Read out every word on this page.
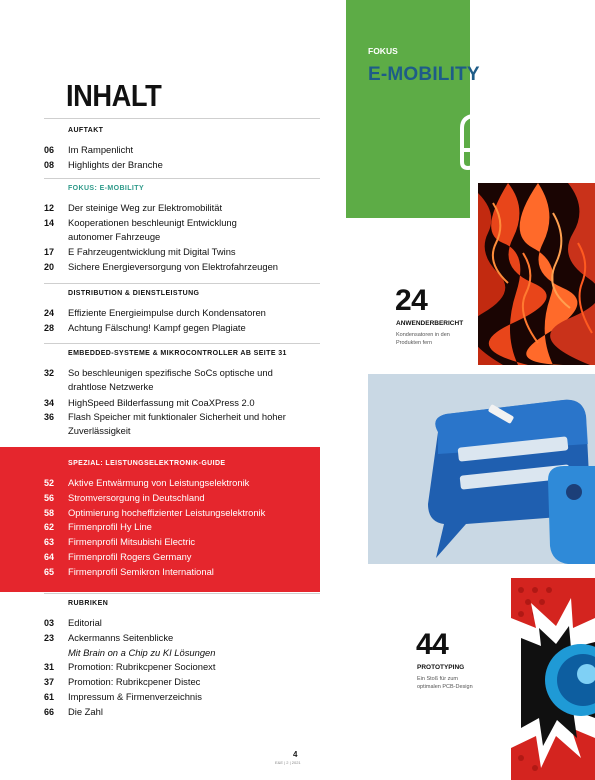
INHALT
AUFTAKT
06 Im Rampenlicht
08 Highlights der Branche
FOKUS: E-MOBILITY
12 Der steinige Weg zur Elektromobilität
14 Kooperationen beschleunigt Entwicklung
autonomer Fahrzeuge
17 E Fahrzeugentwicklung mit Digital Twins
20 Sichere Energieversorgung von Elektrofahrzeugen
DISTRIBUTION & DIENSTLEISTUNG
24 Effiziente Energieimpulse durch Kondensatoren
28 Achtung Fälschung! Kampf gegen Plagiate
EMBEDDED-SYSTEME & MIKROCONTROLLER AB SEITE 31
32 So beschleunigen spezifische SoCs optische und
drahtlose Netzwerke
34 HighSpeed Bilderfassung mit CoaXPress 2.0
36 Flash Speicher mit funktionaler Sicherheit und hoher
Zuverlässigkeit
SPEZIAL: LEISTUNGSELEKTRONIK-GUIDE
52 Aktive Entwärmung von Leistungselektronik
56 Stromversorgung in Deutschland
58 Optimierung hocheffizienter Leistungselektronik
62 Firmenprofil Hy Line
63 Firmenprofil Mitsubishi Electric
64 Firmenprofil Rogers Germany
65 Firmenprofil Semikron International
RUBRIKEN
03 Editorial
23 Ackermanns Seitenblicke
Mit Brain on a Chip zu KI Lösungen
31 Promotion: Rubrikcpener Socionext
37 Promotion: Rubrikcpener Distec
61 Impressum & Firmenverzeichnis
66 Die Zahl
FOKUS
E-MOBILITY
24
ANWENDERBERICHT
Kondensatoren in den
Produkten fern
44
PROTOTYPING
Ein Stoß für zum
optimalen PCB-Design
4
E&E | 2 | 2021
